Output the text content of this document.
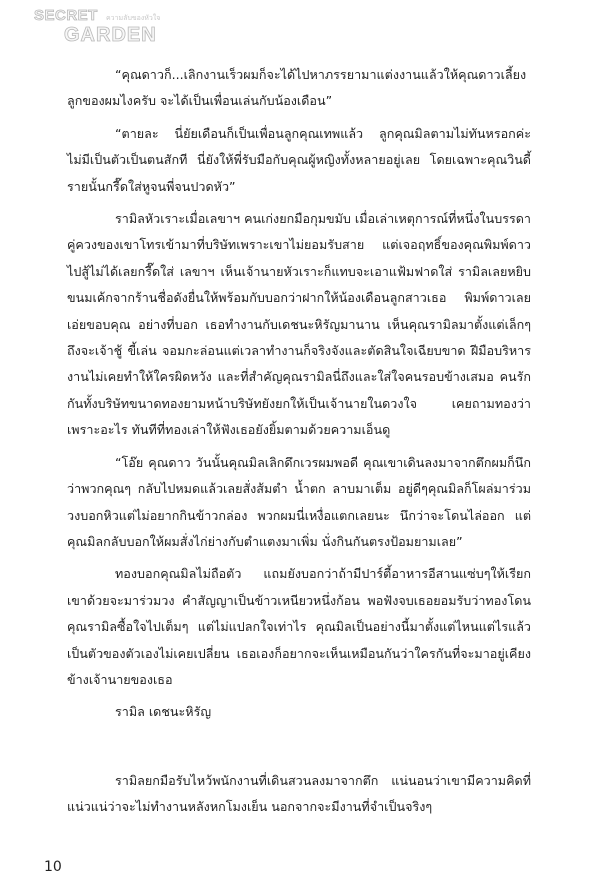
SECRET ความลับของหัวใจ
GARDEN

“คุณดาวก็...เลิกงานเร็วผมก็จะได้ไปหาภรรยามาแต่งงานแล้วให้คุณดาวเลี้ยงลูกของผมไงครับ จะได้เป็นเพื่อนเล่นกับน้องเดือน”

“ตายละ นี่ยัยเดือนก็เป็นเพื่อนลูกคุณเทพแล้ว ลูกคุณมิลตามไม่ทันหรอกค่ะ ไม่มีเป็นตัวเป็นตนสักที นี่ยังให้พี่รับมือกับคุณผู้หญิงทั้งหลายอยู่เลย โดยเฉพาะคุณวินดี้ รายนั้นกรี๊ดใส่หูจนพี่จนปวดหัว”

รามิลหัวเราะเมื่อเลขาฯ คนเก่งยกมือกุมขมับ เมื่อเล่าเหตุการณ์ที่หนึ่งในบรรดาคู่ควงของเขาโทรเข้ามาที่บริษัทเพราะเขาไม่ยอมรับสาย แต่เจอฤทธิ์ของคุณพิมพ์ดาวไปสู้ไม่ได้เลยกรี๊ดใส่ เลขาฯ เห็นเจ้านายหัวเราะก็แทบจะเอาแฟ้มฟาดใส่ รามิลเลยหยิบขนมเค้กจากร้านชื่อดังยื่นให้พร้อมกับบอกว่าฝากให้น้องเดือนลูกสาวเธอ พิมพ์ดาวเลยเอ่ยขอบคุณ อย่างที่บอก เธอทำงานกับเดชนะหิรัญมานาน เห็นคุณรามิลมาตั้งแต่เล็กๆ ถึงจะเจ้าชู้ ขี้เล่น จอมกะล่อนแต่เวลาทำงานก็จริงจังและตัดสินใจเฉียบขาด ฝีมือบริหารงานไม่เคยทำให้ใครผิดหวัง และที่สำคัญคุณรามิลนี่ถึงและใส่ใจคนรอบข้างเสมอ คนรักกันทั้งบริษัทขนาดทองยามหน้าบริษัทยังยกให้เป็นเจ้านายในดวงใจ เคยถามทองว่าเพราะอะไร ทันทีที่ทองเล่าให้ฟังเธอยังยิ้มตามด้วยความเอ็นดู

“โอ๊ย คุณดาว วันนั้นคุณมิลเลิกดึกเวรผมพอดี คุณเขาเดินลงมาจากตึกผมก็นึกว่าพวกคุณๆ กลับไปหมดแล้วเลยสั่งส้มตำ น้ำตก ลาบมาเต็ม อยู่ดีๆคุณมิลก็โผล่มาร่วมวงบอกหิวแต่ไม่อยากกินข้าวกล่อง พวกผมนี่เหงื่อแตกเลยนะ นึกว่าจะโดนไล่ออก แต่คุณมิลกลับบอกให้ผมสั่งไก่ย่างกับตำแตงมาเพิ่ม นั่งกินกันตรงป้อมยามเลย”

ทองบอกคุณมิลไม่ถือตัว แถมยังบอกว่าถ้ามีปาร์ตี้อาหารอีสานแซ่บๆให้เรียกเขาด้วยจะมาร่วมวง คำสัญญาเป็นข้าวเหนียวหนึ่งก้อน พอฟังจบเธอยอมรับว่าทองโดนคุณรามิลซื้อใจไปเต็มๆ แต่ไม่แปลกใจเท่าไร คุณมิลเป็นอย่างนี้มาตั้งแต่ไหนแต่ไรแล้ว เป็นตัวของตัวเองไม่เคยเปลี่ยน เธอเองก็อยากจะเห็นเหมือนกันว่าใครกันที่จะมาอยู่เคียงข้างเจ้านายของเธอ

รามิล เดชนะหิรัญ

รามิลยกมือรับไหว้พนักงานที่เดินสวนลงมาจากตึก แน่นอนว่าเขามีความคิดที่แน่วแน่ว่าจะไม่ทำงานหลังหกโมงเย็น นอกจากจะมีงานที่จำเป็นจริงๆ

10
